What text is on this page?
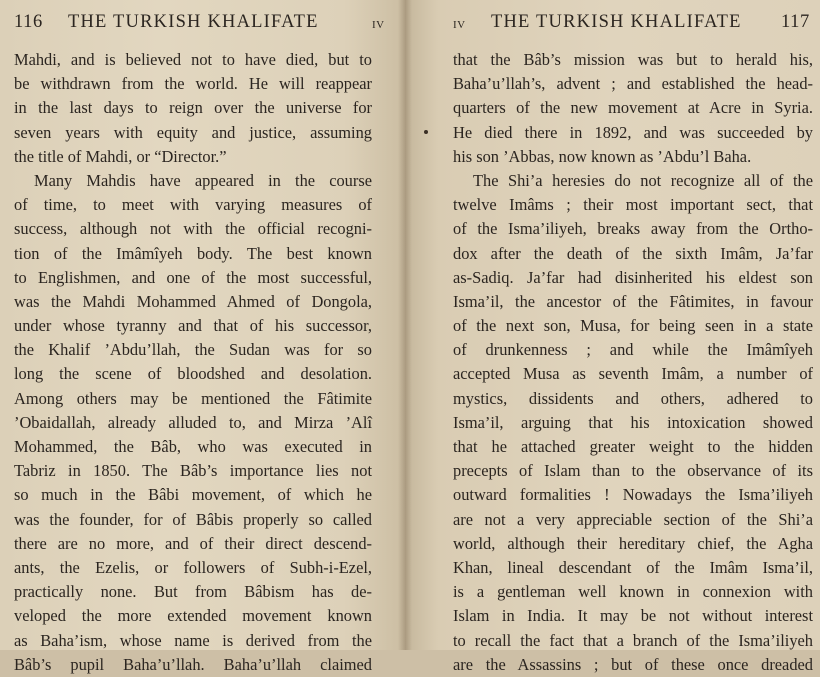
116 THE TURKISH KHALIFATE	IV
Mahdi, and is believed not to have died, but to
be withdrawn from the world. He will reappear
in the last days to reign over the universe for
seven years with equity and justice, assuming
the title of Mahdi, or “Director.”
Many Mahdis have appeared in the course
of time, to meet with varying measures of
success, although not with the official recogni-
tion of the Imâmîyeh body. The best known
to Englishmen, and one of the most successful,
was the Mahdi Mohammed Ahmed of Dongola,
under whose tyranny and that of his successor,
the Khalif ’Abdu’llah, the Sudan was for so
long the scene of bloodshed and desolation.
Among others may be mentioned the Fâtimite
’Obaidallah, already alluded to, and Mirza ’Alî
Mohammed, the Bâb, who was executed in
Tabriz in 1850. The Bâb’s importance lies not
so much in the Bâbi movement, of which he
was the founder, for of Bâbis properly so called
there are no more, and of their direct descend-
ants, the Ezelis, or followers of Subh-i-Ezel,
practically none. But from Bâbism has de-
veloped the more extended movement known
as Baha’ism, whose name is derived from the
Bâb’s pupil Baha’u’llah. Baha’u’llah claimed
IV THE TURKISH KHALIFATE 117
that the Bâb’s mission was but to herald his,
Baha’u’llah’s, advent ; and established the head-
quarters of the new movement at Acre in Syria.
He died there in 1892, and was succeeded by
his son ’Abbas, now known as ’Abdu’l Baha.
The Shi’a heresies do not recognize all of the
twelve Imâms ; their most important sect, that
of the Isma’iliyeh, breaks away from the Ortho-
dox after the death of the sixth Imâm, Ja’far
as-Sadiq. Ja’far had disinherited his eldest son
Isma’il, the ancestor of the Fâtimites, in favour
of the next son, Musa, for being seen in a state
of drunkenness ; and while the Imâmîyeh
accepted Musa as seventh Imâm, a number of
mystics, dissidents and others, adhered to
Isma’il, arguing that his intoxication showed
that he attached greater weight to the hidden
precepts of Islam than to the observance of its
outward formalities ! Nowadays the Isma’iliyeh
are not a very appreciable section of the Shi’a
world, although their hereditary chief, the Agha
Khan, lineal descendant of the Imâm Isma’il,
is a gentleman well known in connexion with
Islam in India. It may be not without interest
to recall the fact that a branch of the Isma’iliyeh
are the Assassins ; but of these once dreaded
